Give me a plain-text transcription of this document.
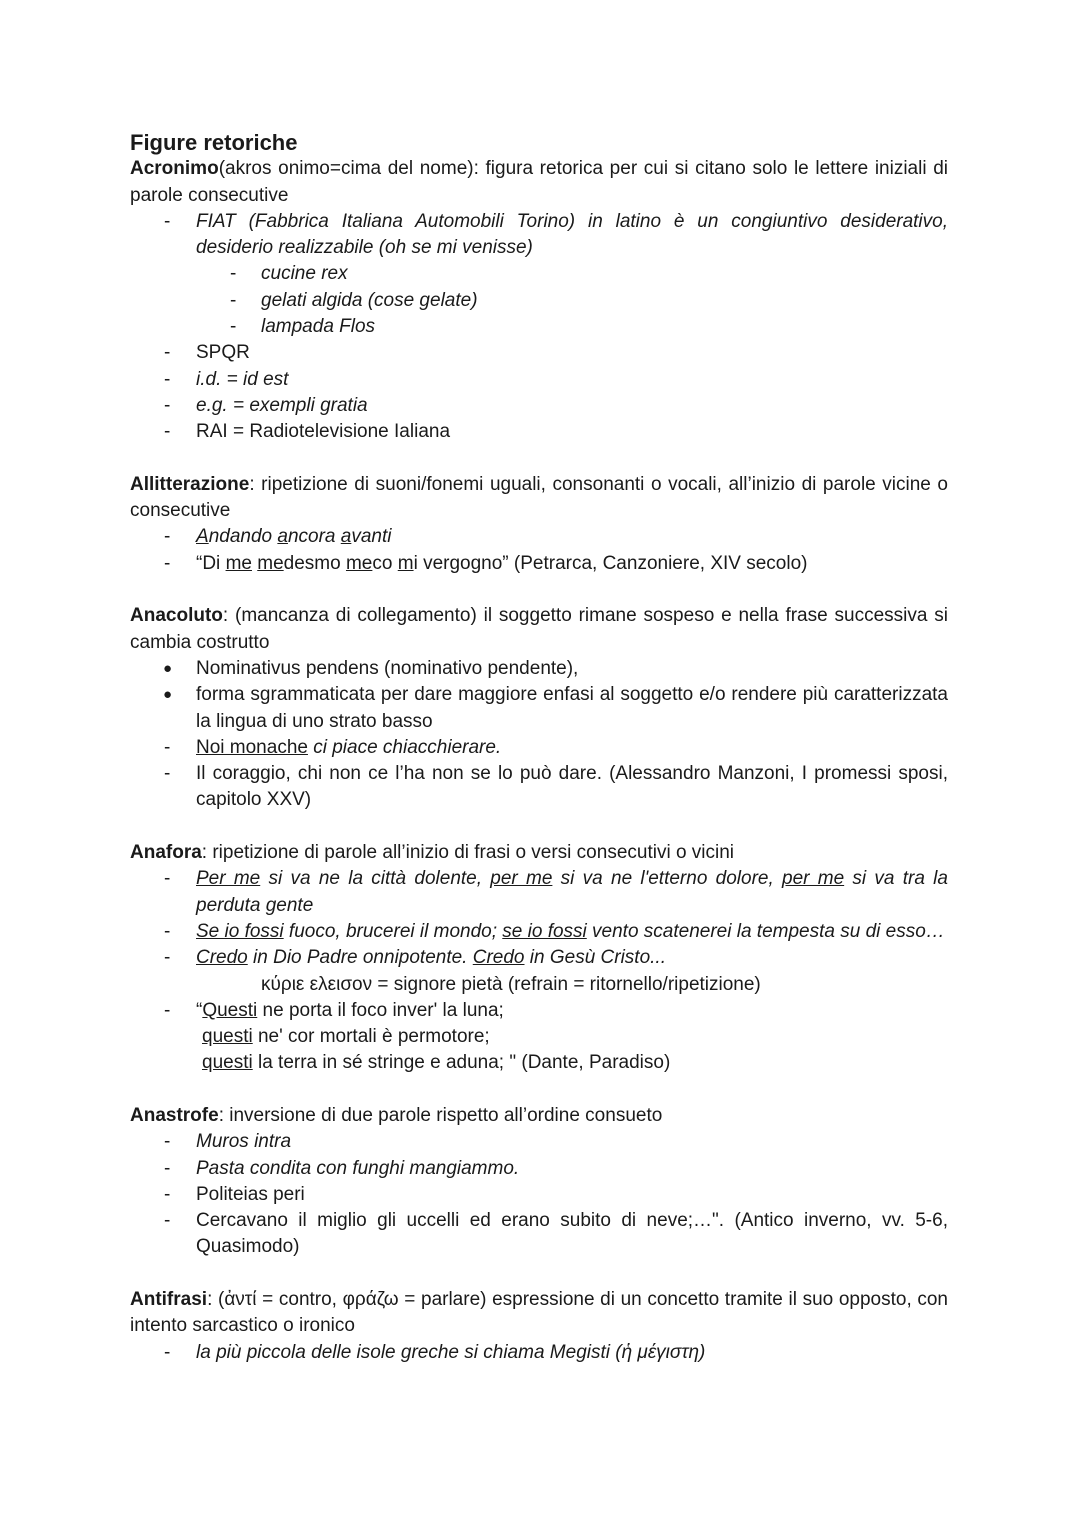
Figure retoriche
Acronimo(akros onimo=cima del nome): figura retorica per cui si citano solo le lettere iniziali di parole consecutive
- FIAT (Fabbrica Italiana Automobili Torino) in latino è un congiuntivo desiderativo, desiderio realizzabile (oh se mi venisse)
- cucine rex
- gelati algida (cose gelate)
- lampada Flos
- SPQR
- i.d. = id est
- e.g. = exempli gratia
- RAI = Radiotelevisione Ialiana
Allitterazione: ripetizione di suoni/fonemi uguali, consonanti o vocali, all’inizio di parole vicine o consecutive
- Andando ancora avanti
- “Di me medesmo meco mi vergogno” (Petrarca, Canzoniere, XIV secolo)
Anacoluto: (mancanza di collegamento) il soggetto rimane sospeso e nella frase successiva si cambia costrutto
● Nominativus pendens (nominativo pendente),
● forma sgrammaticata per dare maggiore enfasi al soggetto e/o rendere più caratterizzata la lingua di uno strato basso
- Noi monache ci piace chiacchierare.
- Il coraggio, chi non ce l’ha non se lo può dare. (Alessandro Manzoni, I promessi sposi, capitolo XXV)
Anafora: ripetizione di parole all’inizio di frasi o versi consecutivi o vicini
- Per me si va ne la città dolente, per me si va ne l'etterno dolore, per me si va tra la perduta gente
- Se io fossi fuoco, brucerei il mondo; se io fossi vento scatenerei la tempesta su di esso…
- Credo in Dio Padre onnipotente. Credo in Gesù Cristo...
κύριε ελεισον = signore pietà (refrain = ritornello/ripetizione)
- “Questi ne porta il foco inver' la luna;
questi ne' cor mortali è permotore;
questi la terra in sé stringe e aduna; " (Dante, Paradiso)
Anastrofe: inversione di due parole rispetto all’ordine consueto
- Muros intra
- Pasta condita con funghi mangiammo.
- Politeias peri
- Cercavano il miglio gli uccelli ed erano subito di neve;…". (Antico inverno, vv. 5-6, Quasimodo)
Antifrasi: (ἀντί = contro, φράζω = parlare) espressione di un concetto tramite il suo opposto, con intento sarcastico o ironico
- la più piccola delle isole greche si chiama Megisti (ἡ μέγιστη)
